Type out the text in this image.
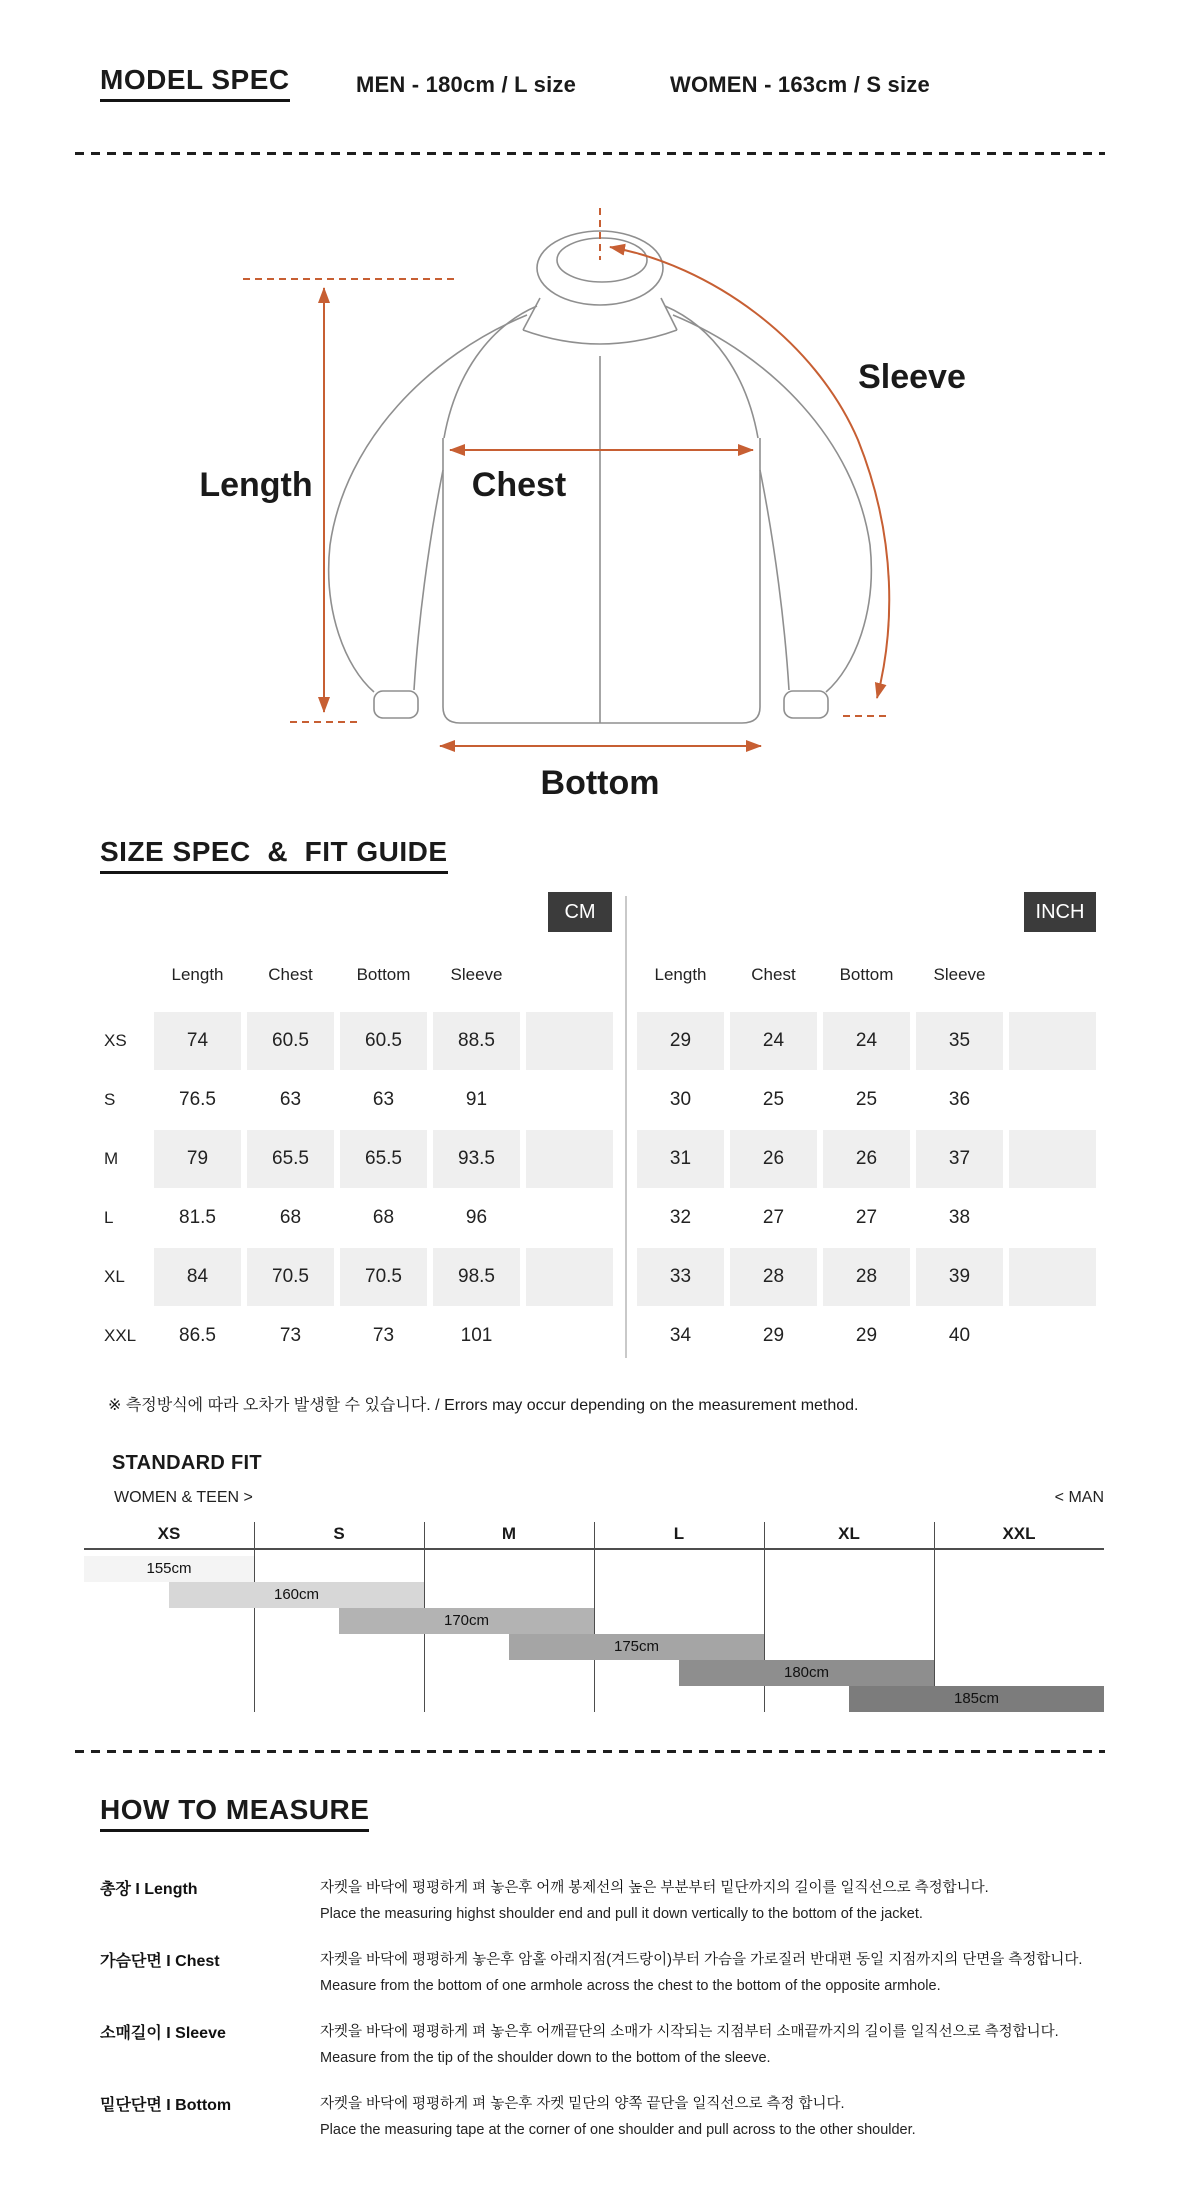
MODEL SPEC	MEN - 180cm / L size	WOMEN - 163cm / S size
Length	Chest
Sleeve
Bottom
SIZE SPEC  &  FIT GUIDE
CM	INCH
※ 측정방식에 따라 오차가 발생할 수 있습니다. / Errors may occur depending on the measurement method.
STANDARD FIT
WOMEN & TEEN >	< MAN
HOW TO MEASURE
Length	Chest	Bottom	Sleeve
XS	74	60.5	60.5	88.5
S	76.5	63	63	91
M	79	65.5	65.5	93.5
L	81.5	68	68	96
XL	84	70.5	70.5	98.5
XXL	86.5	73	73	101
Length	Chest	Bottom	Sleeve
29	24	24	35
30	25	25	36
31	26	26	37
32	27	27	38
33	28	28	39
34	29	29	40
XS	S	M	L	XL	XXL
155cm
160cm
170cm
175cm
180cm
185cm
총장 I Length	자켓을 바닥에 평평하게 펴 놓은후 어깨 봉제선의 높은 부분부터 밑단까지의 길이를 일직선으로 측정합니다.
Place the measuring highst shoulder end and pull it down vertically to the bottom of the jacket.
가슴단면 I Chest	자켓을 바닥에 평평하게 놓은후 암홀 아래지점(겨드랑이)부터 가슴을 가로질러 반대편 동일 지점까지의 단면을 측정합니다.
Measure from the bottom of one armhole across the chest to the bottom of the opposite armhole.
소매길이 I Sleeve	자켓을 바닥에 평평하게 펴 놓은후 어깨끝단의 소매가 시작되는 지점부터 소매끝까지의 길이를 일직선으로 측정합니다.
Measure from the tip of the shoulder down to the bottom of the sleeve.
밑단단면 I Bottom	자켓을 바닥에 평평하게 펴 놓은후 자켓 밑단의 양쪽 끝단을 일직선으로 측정 합니다.
Place the measuring tape at the corner of one shoulder and pull across to the other shoulder.
